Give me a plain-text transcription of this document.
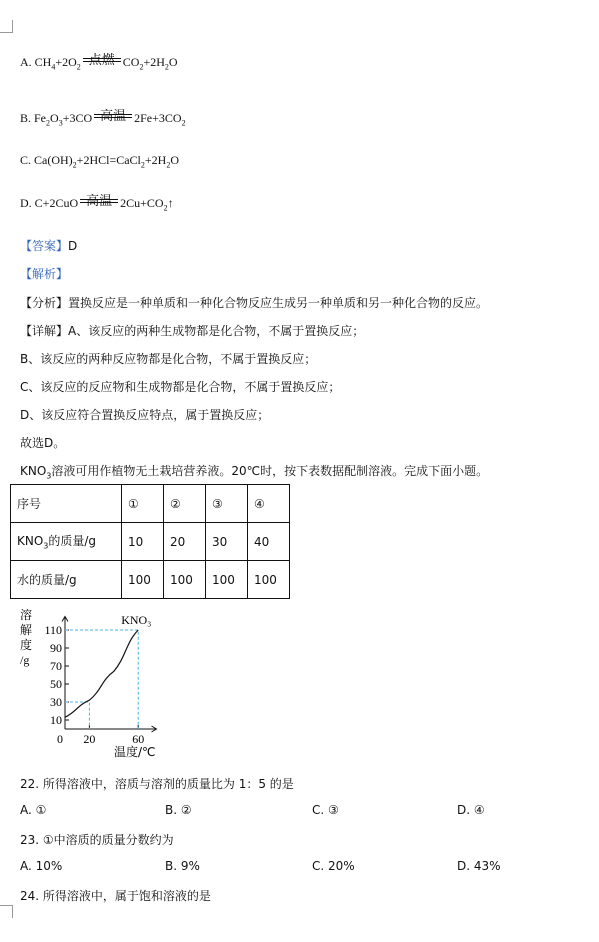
A. $CH_4+2O_2$ 点燃 $CO_2+2H_2O$
B. $Fe_2O_3+3CO$ 高温 $2Fe+3CO_2$
C. $Ca(OH)_2+2HCl=CaCl_2+2H_2O$
D. C+2CuO 高温 $2Cu+CO_2↑$
【答案】D
【解析】
【分析】置换反应是一种单质和一种化合物反应生成另一种单质和另一种化合物的反应。
【详解】A、该反应的两种生成物都是化合物，不属于置换反应；
B、该反应的两种反应物都是化合物，不属于置换反应；
C、该反应的反应物和生成物都是化合物，不属于置换反应；
D、该反应符合置换反应特点，属于置换反应；
故选D。
$KNO_3$溶液可用作植物无土栽培营养液。20℃时，按下表数据配制溶液。完成下面小题。
序号	①	②	③	④
$KNO_3$的质量/g	10	20	30	40
水的质量/g	100	100	100	100
溶
解
度
/g
温度/℃
110
90
70
50
30
10
0 20	60
KNO₃
22. 所得溶液中，溶质与溶剂的质量比为 1：5 的是
A. ①	B. ②	C. ③	D. ④
23. ①中溶质的质量分数约为
A. 10%	B. 9%	C. 20%	D. 43%
24. 所得溶液中，属于饱和溶液的是
